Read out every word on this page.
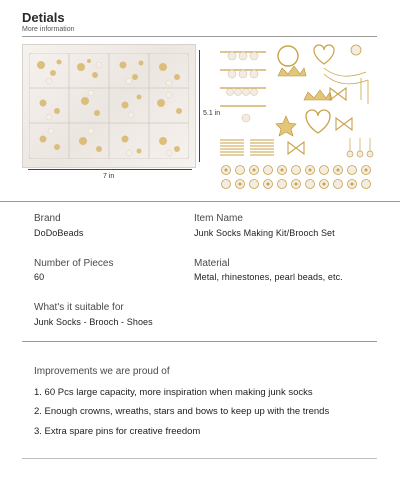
Detials
More information
5.1 in
7 in
Brand
DoDoBeads
Item Name
Junk Socks Making Kit/Brooch Set
Number of Pieces
60
Material
Metal, rhinestones, pearl beads, etc.
What's it suitable for
Junk Socks - Brooch - Shoes
Improvements we are proud of
1. 60 Pcs large capacity, more inspiration when making junk socks
2. Enough crowns, wreaths, stars and bows to keep up with the trends
3. Extra spare pins for creative freedom
